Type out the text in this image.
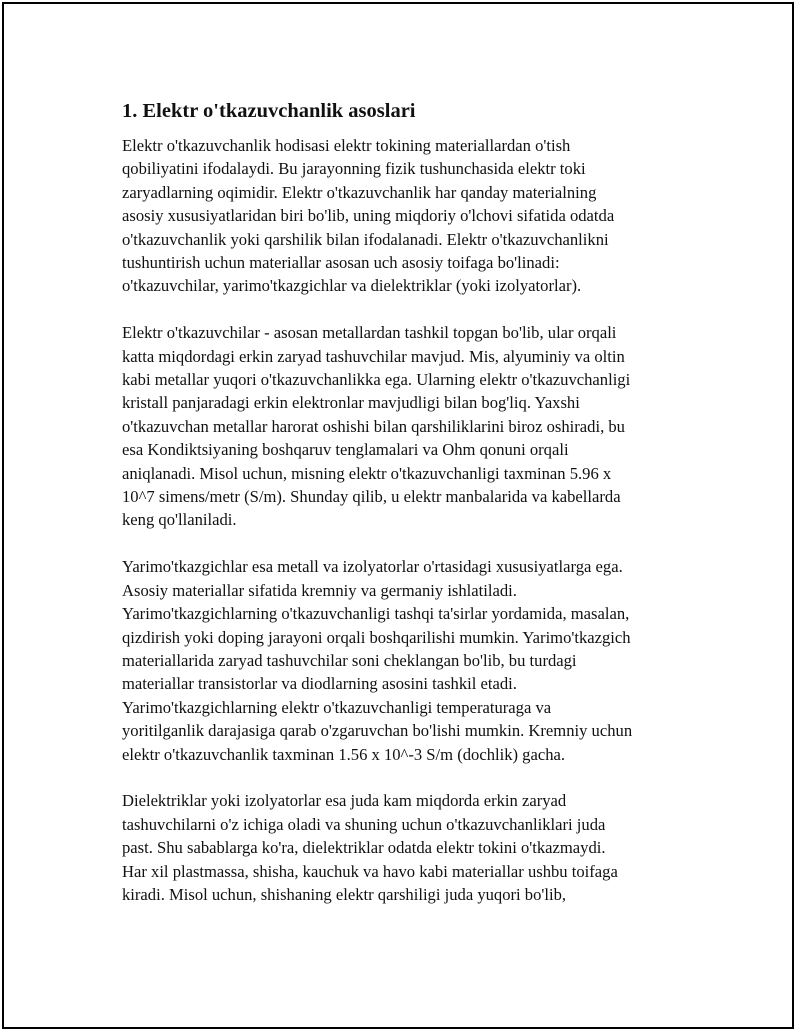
1. Elektr o'tkazuvchanlik asoslari

Elektr o'tkazuvchanlik hodisasi elektr tokining materiallardan o'tish
qobiliyatini ifodalaydi. Bu jarayonning fizik tushunchasida elektr toki
zaryadlarning oqimidir. Elektr o'tkazuvchanlik har qanday materialning
asosiy xususiyatlaridan biri bo'lib, uning miqdoriy o'lchovi sifatida odatda
o'tkazuvchanlik yoki qarshilik bilan ifodalanadi. Elektr o'tkazuvchanlikni
tushuntirish uchun materiallar asosan uch asosiy toifaga bo'linadi:
o'tkazuvchilar, yarimo'tkazgichlar va dielektriklar (yoki izolyatorlar).

Elektr o'tkazuvchilar - asosan metallardan tashkil topgan bo'lib, ular orqali
katta miqdordagi erkin zaryad tashuvchilar mavjud. Mis, alyuminiy va oltin
kabi metallar yuqori o'tkazuvchanlikka ega. Ularning elektr o'tkazuvchanligi
kristall panjaradagi erkin elektronlar mavjudligi bilan bog'liq. Yaxshi
o'tkazuvchan metallar harorat oshishi bilan qarshiliklarini biroz oshiradi, bu
esa Kondiktsiyaning boshqaruv tenglamalari va Ohm qonuni orqali
aniqlanadi. Misol uchun, misning elektr o'tkazuvchanligi taxminan 5.96 x
10^7 simens/metr (S/m). Shunday qilib, u elektr manbalarida va kabellarda
keng qo'llaniladi.

Yarimo'tkazgichlar esa metall va izolyatorlar o'rtasidagi xususiyatlarga ega.
Asosiy materiallar sifatida kremniy va germaniy ishlatiladi.
Yarimo'tkazgichlarning o'tkazuvchanligi tashqi ta'sirlar yordamida, masalan,
qizdirish yoki doping jarayoni orqali boshqarilishi mumkin. Yarimo'tkazgich
materiallarida zaryad tashuvchilar soni cheklangan bo'lib, bu turdagi
materiallar transistorlar va diodlarning asosini tashkil etadi.
Yarimo'tkazgichlarning elektr o'tkazuvchanligi temperaturaga va
yoritilganlik darajasiga qarab o'zgaruvchan bo'lishi mumkin. Kremniy uchun
elektr o'tkazuvchanlik taxminan 1.56 x 10^-3 S/m (dochlik) gacha.

Dielektriklar yoki izolyatorlar esa juda kam miqdorda erkin zaryad
tashuvchilarni o'z ichiga oladi va shuning uchun o'tkazuvchanliklari juda
past. Shu sabablarga ko'ra, dielektriklar odatda elektr tokini o'tkazmaydi.
Har xil plastmassa, shisha, kauchuk va havo kabi materiallar ushbu toifaga
kiradi. Misol uchun, shishaning elektr qarshiligi juda yuqori bo'lib,
